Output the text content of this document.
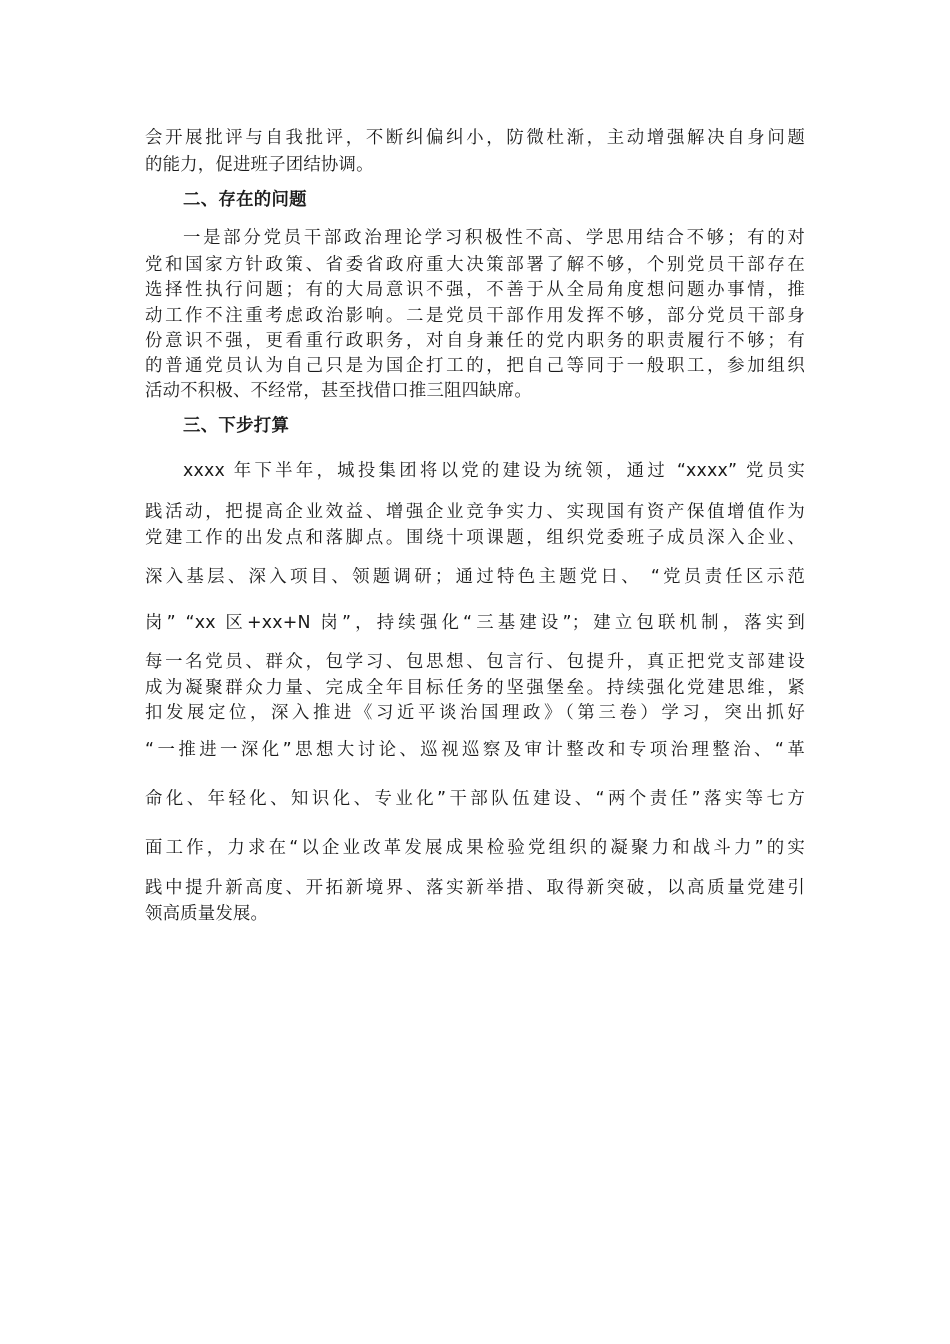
会开展批评与自我批评，不断纠偏纠小，防微杜渐，主动增强解决自身问题
的能力，促进班子团结协调。
二、存在的问题
一是部分党员干部政治理论学习积极性不高、学思用结合不够；有的对
党和国家方针政策、省委省政府重大决策部署了解不够，个别党员干部存在
选择性执行问题；有的大局意识不强，不善于从全局角度想问题办事情，推
动工作不注重考虑政治影响。二是党员干部作用发挥不够，部分党员干部身
份意识不强，更看重行政职务，对自身兼任的党内职务的职责履行不够；有
的普通党员认为自己只是为国企打工的，把自己等同于一般职工，参加组织
活动不积极、不经常，甚至找借口推三阻四缺席。
三、下步打算
xxxx 年下半年，城投集团将以党的建设为统领，通过 “xxxx” 党员实
践活动，把提高企业效益、增强企业竞争实力、实现国有资产保值增值作为
党建工作的出发点和落脚点。围绕十项课题，组织党委班子成员深入企业、
深入基层、深入项目、领题调研；通过特色主题党日、 “党员责任区示范
岗” “xx 区+xx+N 岗”，持续强化“三基建设”；建立包联机制，落实到
每一名党员、群众，包学习、包思想、包言行、包提升，真正把党支部建设
成为凝聚群众力量、完成全年目标任务的坚强堡垒。持续强化党建思维，紧
扣发展定位，深入推进《习近平谈治国理政》（第三卷）学习，突出抓好
“一推进一深化”思想大讨论、巡视巡察及审计整改和专项治理整治、“革
命化、年轻化、知识化、专业化”干部队伍建设、“两个责任”落实等七方
面工作，力求在“以企业改革发展成果检验党组织的凝聚力和战斗力”的实
践中提升新高度、开拓新境界、落实新举措、取得新突破，以高质量党建引
领高质量发展。
